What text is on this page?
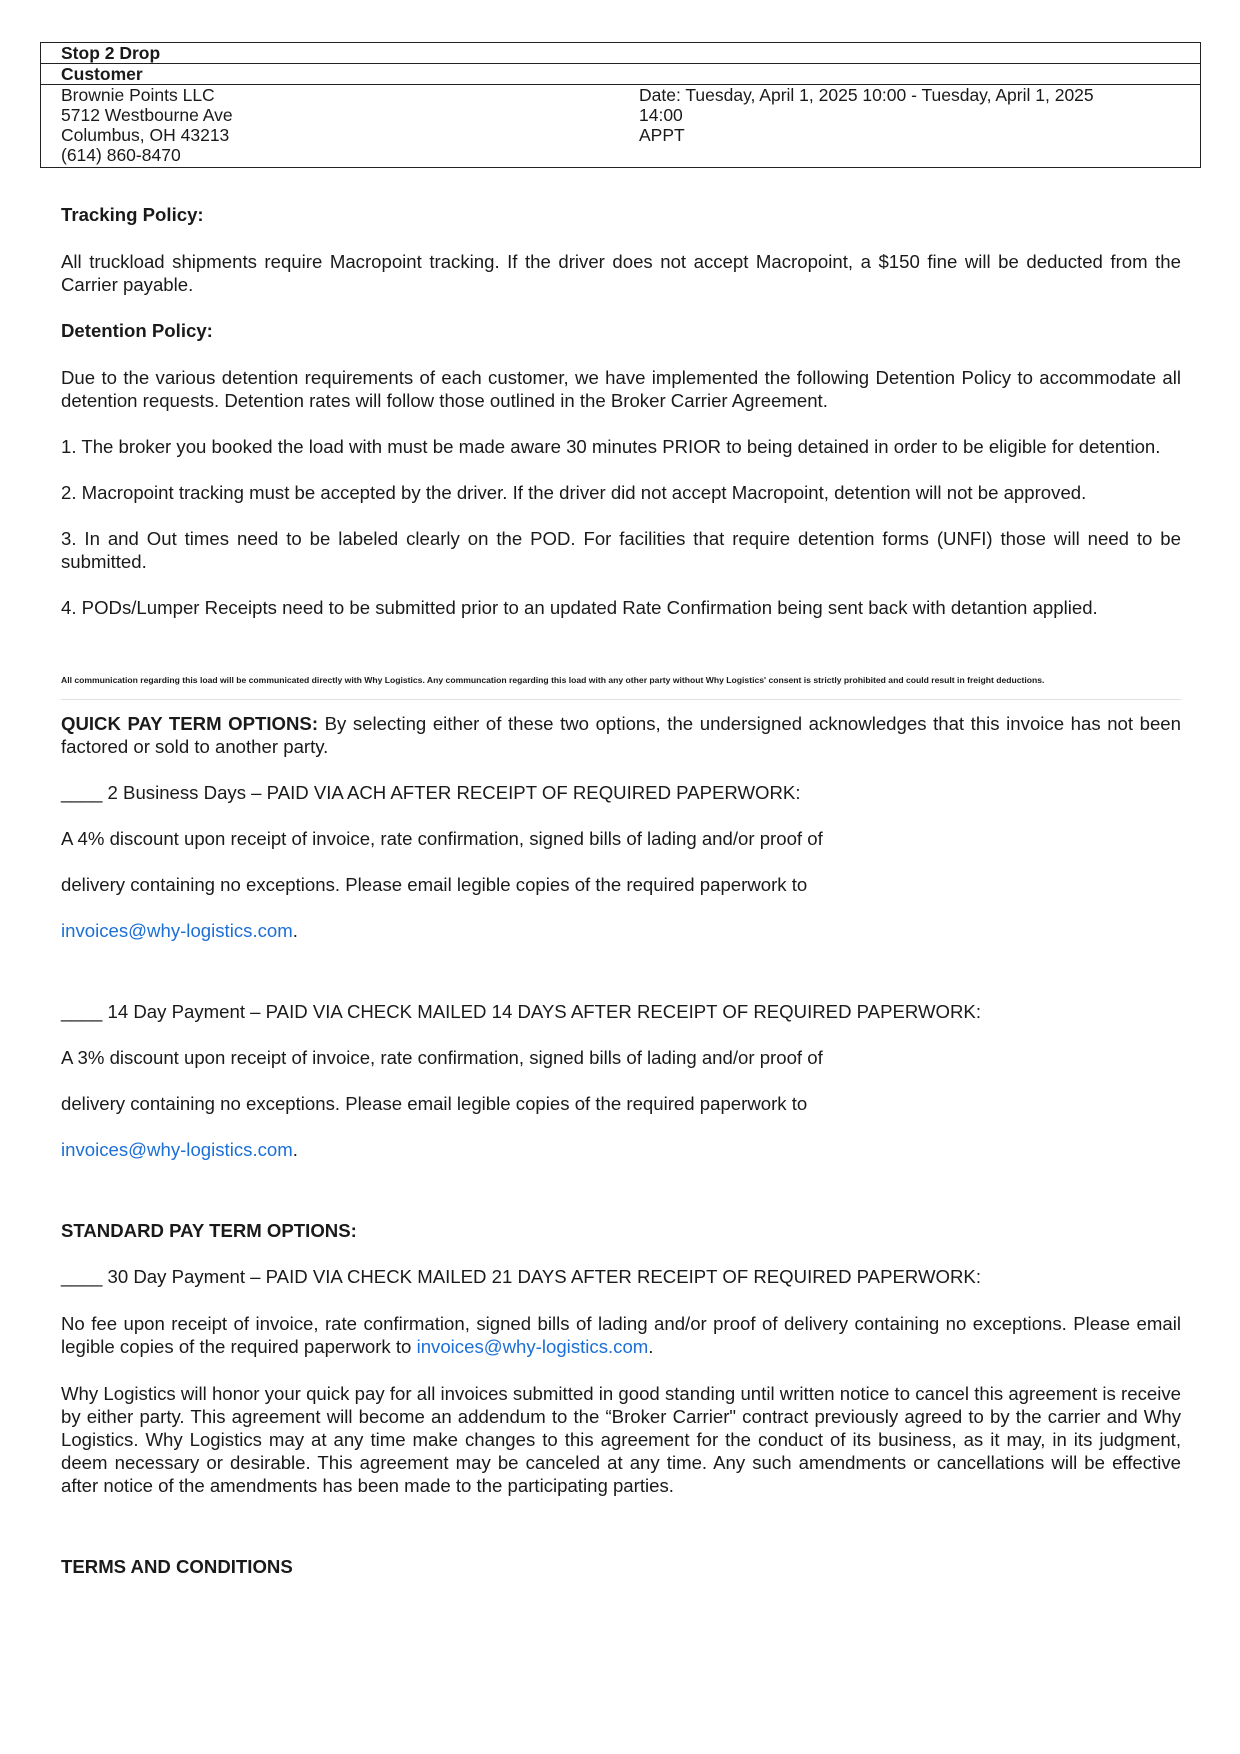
Stop 2 Drop
Customer
Brownie Points LLC
5712 Westbourne Ave
Columbus, OH 43213
(614) 860-8470
Date: Tuesday, April 1, 2025 10:00 - Tuesday, April 1, 2025
14:00
APPT

Tracking Policy:

All truckload shipments require Macropoint tracking. If the driver does not accept Macropoint, a $150 fine will be deducted from the Carrier payable.

Detention Policy:

Due to the various detention requirements of each customer, we have implemented the following Detention Policy to accommodate all detention requests. Detention rates will follow those outlined in the Broker Carrier Agreement.

1. The broker you booked the load with must be made aware 30 minutes PRIOR to being detained in order to be eligible for detention.

2. Macropoint tracking must be accepted by the driver. If the driver did not accept Macropoint, detention will not be approved.

3. In and Out times need to be labeled clearly on the POD. For facilities that require detention forms (UNFI) those will need to be submitted.

4. PODs/Lumper Receipts need to be submitted prior to an updated Rate Confirmation being sent back with detantion applied.

All communication regarding this load will be communicated directly with Why Logistics. Any communcation regarding this load with any other party without Why Logistics' consent is strictly prohibited and could result in freight deductions.

QUICK PAY TERM OPTIONS: By selecting either of these two options, the undersigned acknowledges that this invoice has not been factored or sold to another party.

____ 2 Business Days – PAID VIA ACH AFTER RECEIPT OF REQUIRED PAPERWORK:

A 4% discount upon receipt of invoice, rate confirmation, signed bills of lading and/or proof of

delivery containing no exceptions. Please email legible copies of the required paperwork to

invoices@why-logistics.com.

____ 14 Day Payment – PAID VIA CHECK MAILED 14 DAYS AFTER RECEIPT OF REQUIRED PAPERWORK:

A 3% discount upon receipt of invoice, rate confirmation, signed bills of lading and/or proof of

delivery containing no exceptions. Please email legible copies of the required paperwork to

invoices@why-logistics.com.

STANDARD PAY TERM OPTIONS:

____ 30 Day Payment – PAID VIA CHECK MAILED 21 DAYS AFTER RECEIPT OF REQUIRED PAPERWORK:

No fee upon receipt of invoice, rate confirmation, signed bills of lading and/or proof of delivery containing no exceptions. Please email legible copies of the required paperwork to invoices@why-logistics.com.

Why Logistics will honor your quick pay for all invoices submitted in good standing until written notice to cancel this agreement is receive by either party. This agreement will become an addendum to the “Broker Carrier" contract previously agreed to by the carrier and Why Logistics. Why Logistics may at any time make changes to this agreement for the conduct of its business, as it may, in its judgment, deem necessary or desirable. This agreement may be canceled at any time. Any such amendments or cancellations will be effective after notice of the amendments has been made to the participating parties.

TERMS AND CONDITIONS
